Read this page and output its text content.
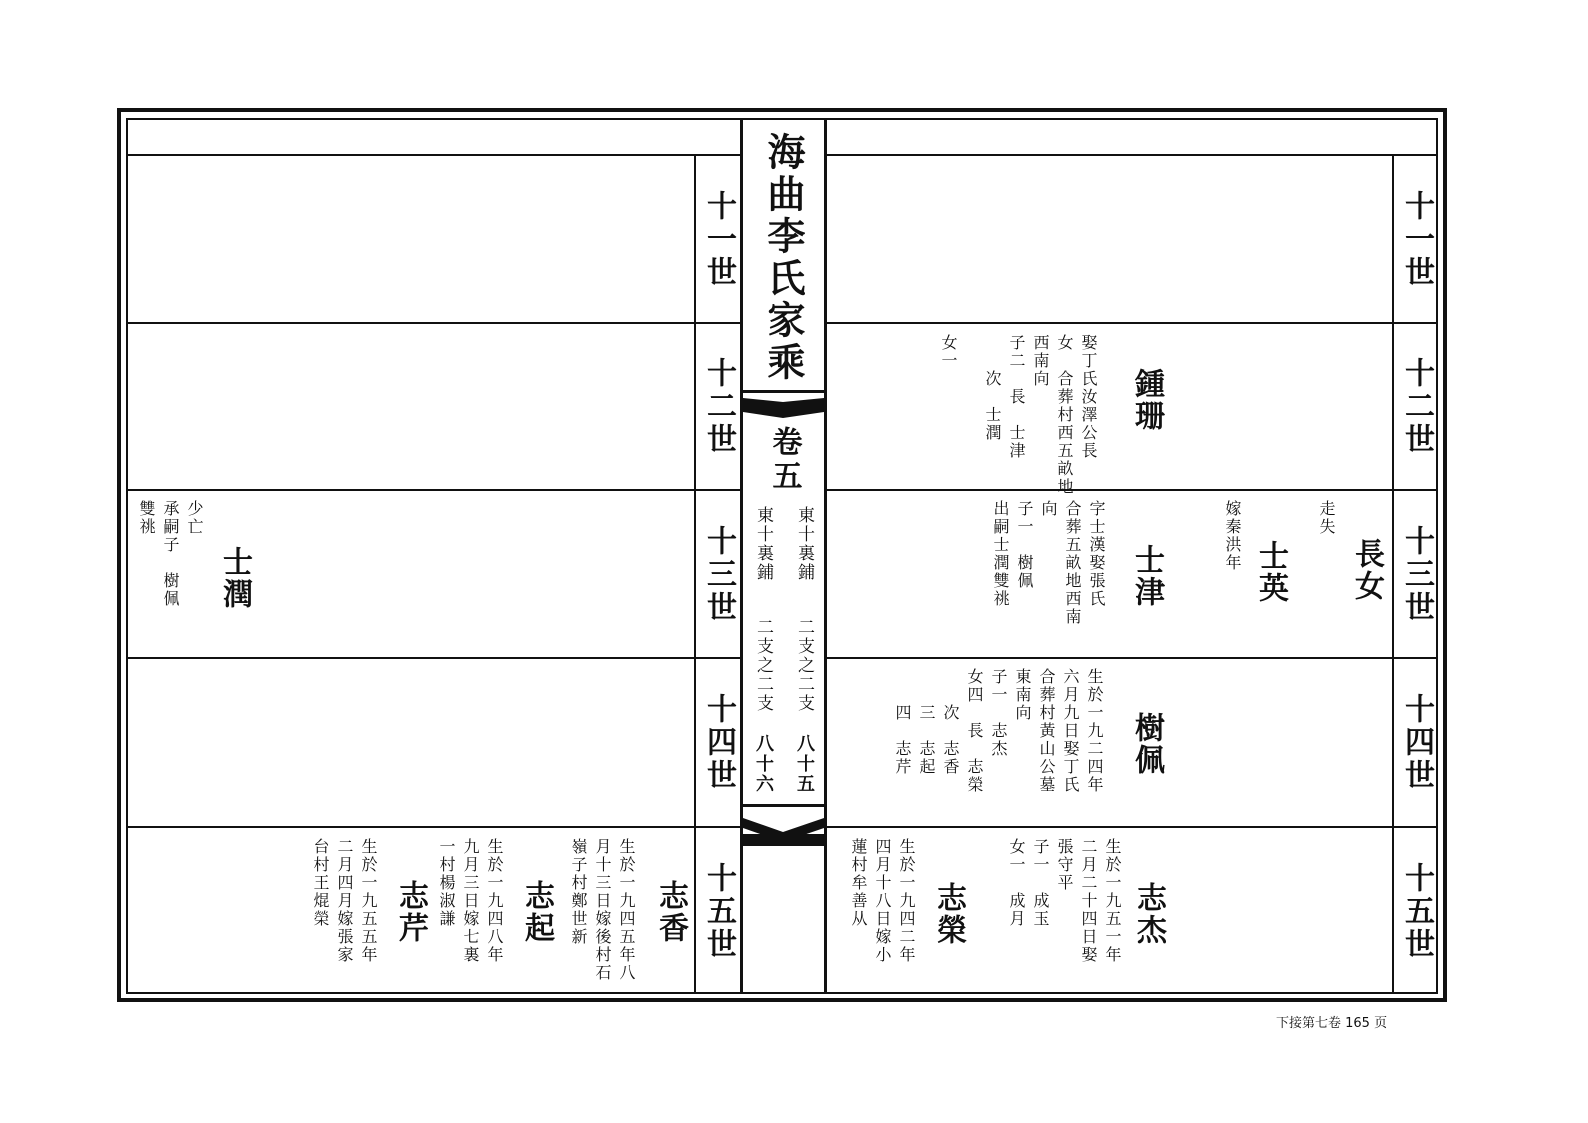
十一世
十二世
十三世
十四世
十五世
十一世
十二世
十三世
十四世
十五世
海曲李氏家乘
卷五
東十裏鋪
二支之二支
八十五
東十裏鋪
二支之二支
八十六
鍾珊
娶丁氏汝澤公長
女　合葬村西五畝地
西南向
子二　長　士津
　　次　士潤
女一
士津
字士漢娶張氏
合葬五畝地西南
向
子一　樹佩
出嗣士潤雙祧	士英
嫁秦洪年	長女
走失
樹佩
生於一九二四年
六月九日娶丁氏
合葬村黃山公墓
東南向
子一　志杰
女四　長　志榮
　　次　志香
　　三　志起
　　四　志芹
志杰
生於一九五一年
二月二十四日娶
張守平
子一　成玉
女一　成月
志榮
生於一九四二年
四月十八日嫁小
蓮村牟善从
士潤
少亡
承嗣子　樹佩
雙祧
志香
生於一九四五年八
月十三日嫁後村石
嶺子村鄭世新
志起
生於一九四八年
九月三日嫁七裏
一村楊淑謙
志芹
生於一九五五年
二月四月嫁張家
台村王焜榮
下接第七卷 165 页
